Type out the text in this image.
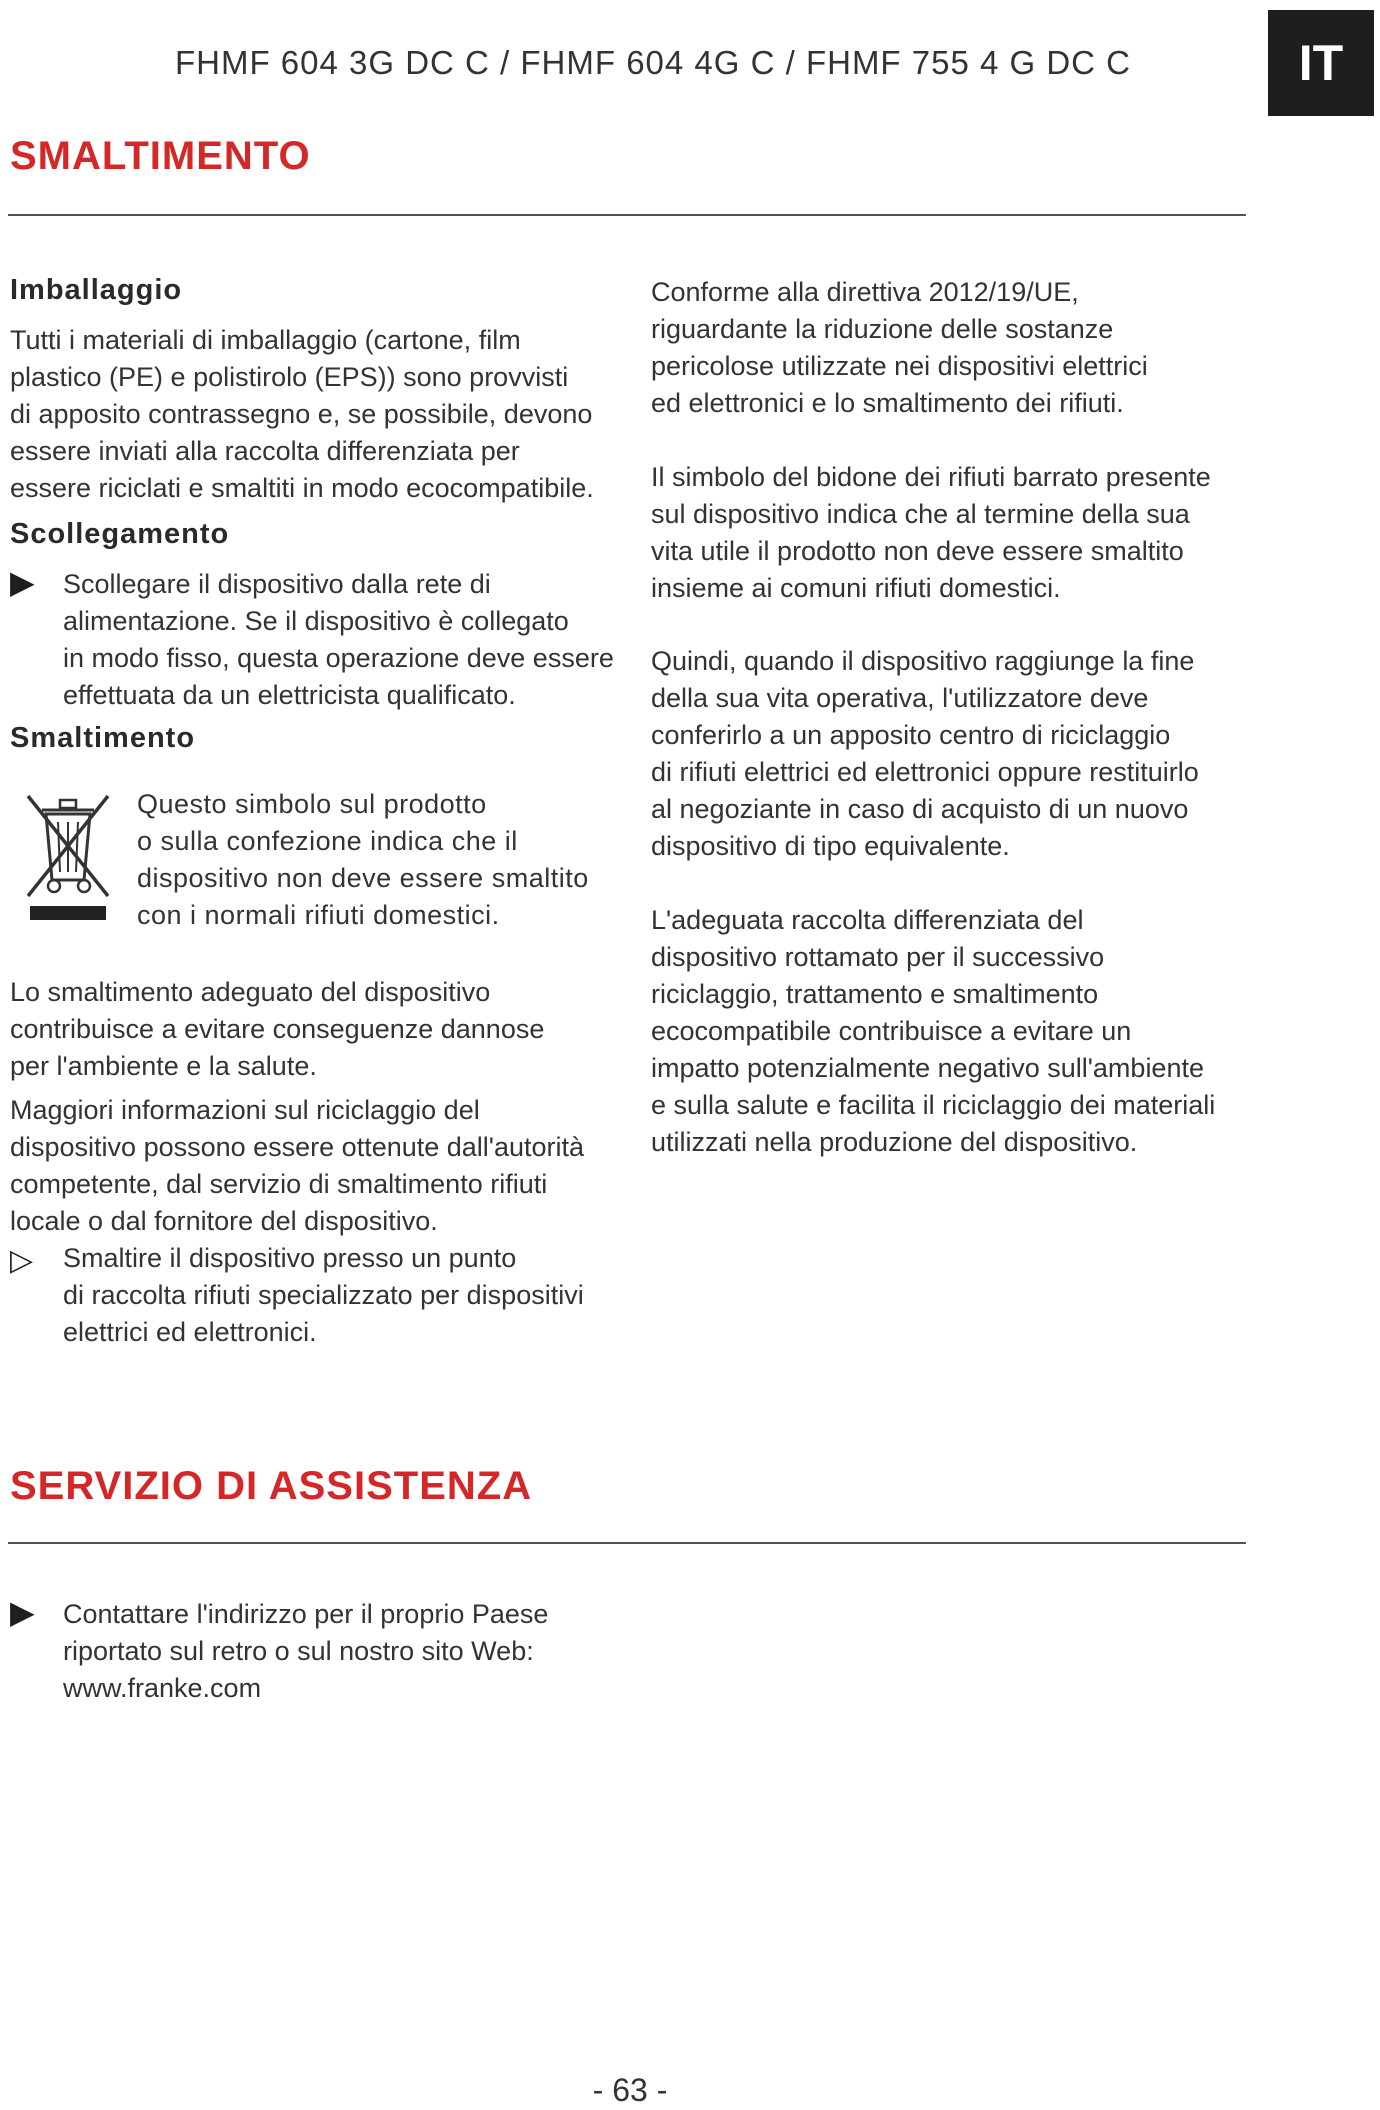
FHMF 604 3G DC C / FHMF 604 4G C / FHMF 755 4 G DC C	IT
SMALTIMENTO
Imballaggio
Tutti i materiali di imballaggio (cartone, film
plastico (PE) e polistirolo (EPS)) sono provvisti
di apposito contrassegno e, se possibile, devono
essere inviati alla raccolta differenziata per
essere riciclati e smaltiti in modo ecocompatibile.
Scollegamento
▶ Scollegare il dispositivo dalla rete di
alimentazione. Se il dispositivo è collegato
in modo fisso, questa operazione deve essere
effettuata da un elettricista qualificato.
Smaltimento
Questo simbolo sul prodotto
o sulla confezione indica che il
dispositivo non deve essere smaltito
con i normali rifiuti domestici.
Lo smaltimento adeguato del dispositivo
contribuisce a evitare conseguenze dannose
per l'ambiente e la salute.
Maggiori informazioni sul riciclaggio del
dispositivo possono essere ottenute dall'autorità
competente, dal servizio di smaltimento rifiuti
locale o dal fornitore del dispositivo.
▷ Smaltire il dispositivo presso un punto
di raccolta rifiuti specializzato per dispositivi
elettrici ed elettronici.
Conforme alla direttiva 2012/19/UE,
riguardante la riduzione delle sostanze
pericolose utilizzate nei dispositivi elettrici
ed elettronici e lo smaltimento dei rifiuti.
Il simbolo del bidone dei rifiuti barrato presente
sul dispositivo indica che al termine della sua
vita utile il prodotto non deve essere smaltito
insieme ai comuni rifiuti domestici.
Quindi, quando il dispositivo raggiunge la fine
della sua vita operativa, l'utilizzatore deve
conferirlo a un apposito centro di riciclaggio
di rifiuti elettrici ed elettronici oppure restituirlo
al negoziante in caso di acquisto di un nuovo
dispositivo di tipo equivalente.
L'adeguata raccolta differenziata del
dispositivo rottamato per il successivo
riciclaggio, trattamento e smaltimento
ecocompatibile contribuisce a evitare un
impatto potenzialmente negativo sull'ambiente
e sulla salute e facilita il riciclaggio dei materiali
utilizzati nella produzione del dispositivo.
SERVIZIO DI ASSISTENZA
▶ Contattare l'indirizzo per il proprio Paese
riportato sul retro o sul nostro sito Web:
www.franke.com
- 63 -
